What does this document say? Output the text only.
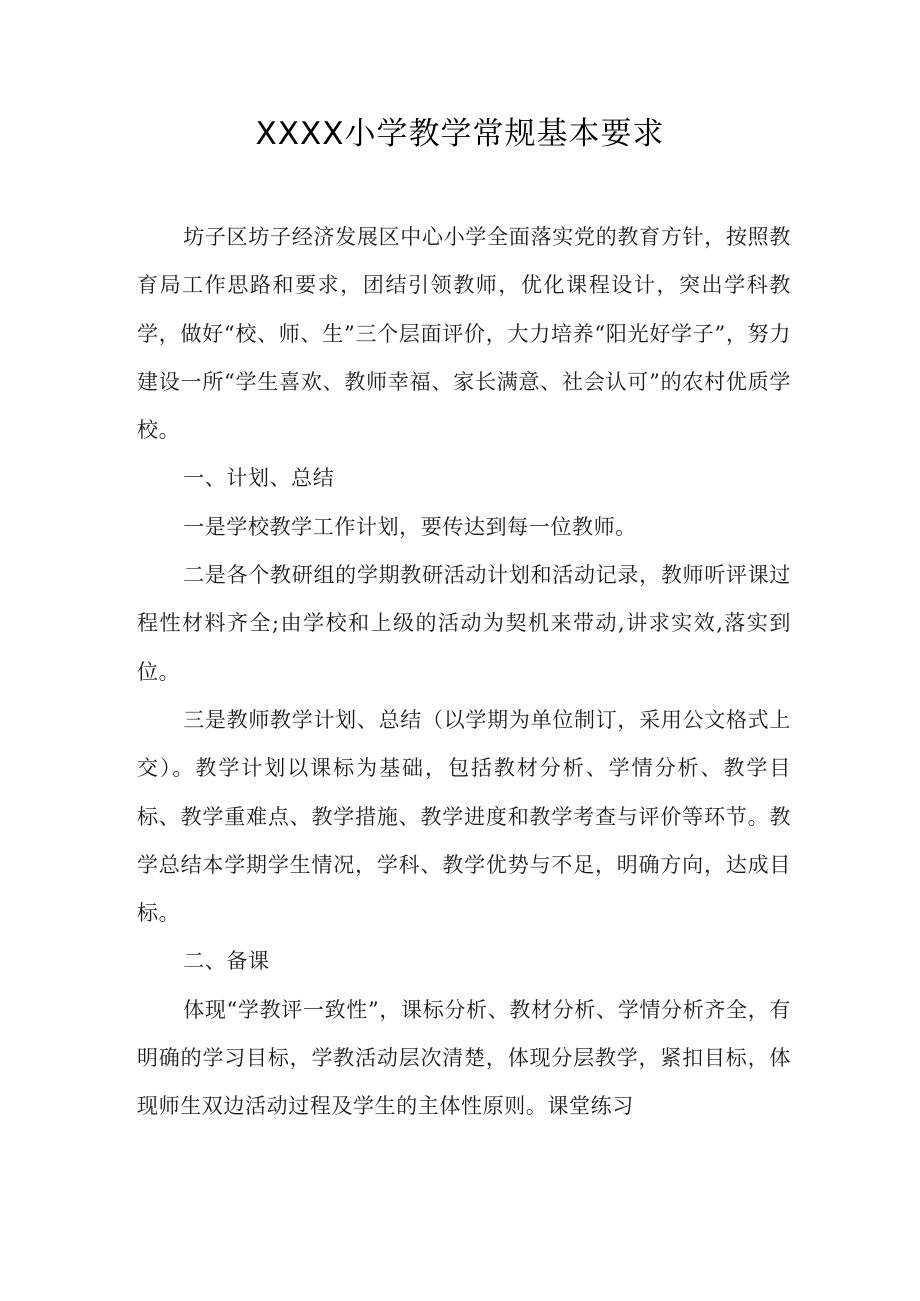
XXXX小学教学常规基本要求

坊子区坊子经济发展区中心小学全面落实党的教育方针，按照教育局工作思路和要求，团结引领教师，优化课程设计，突出学科教学，做好“校、师、生”三个层面评价，大力培养“阳光好学子”，努力建设一所“学生喜欢、教师幸福、家长满意、社会认可”的农村优质学校。

一、计划、总结

一是学校教学工作计划，要传达到每一位教师。

二是各个教研组的学期教研活动计划和活动记录，教师听评课过程性材料齐全;由学校和上级的活动为契机来带动,讲求实效,落实到位。

三是教师教学计划、总结（以学期为单位制订，采用公文格式上交）。教学计划以课标为基础，包括教材分析、学情分析、教学目标、教学重难点、教学措施、教学进度和教学考查与评价等环节。教学总结本学期学生情况，学科、教学优势与不足，明确方向，达成目标。

二、备课

体现“学教评一致性”，课标分析、教材分析、学情分析齐全，有明确的学习目标，学教活动层次清楚，体现分层教学，紧扣目标，体现师生双边活动过程及学生的主体性原则。课堂练习
